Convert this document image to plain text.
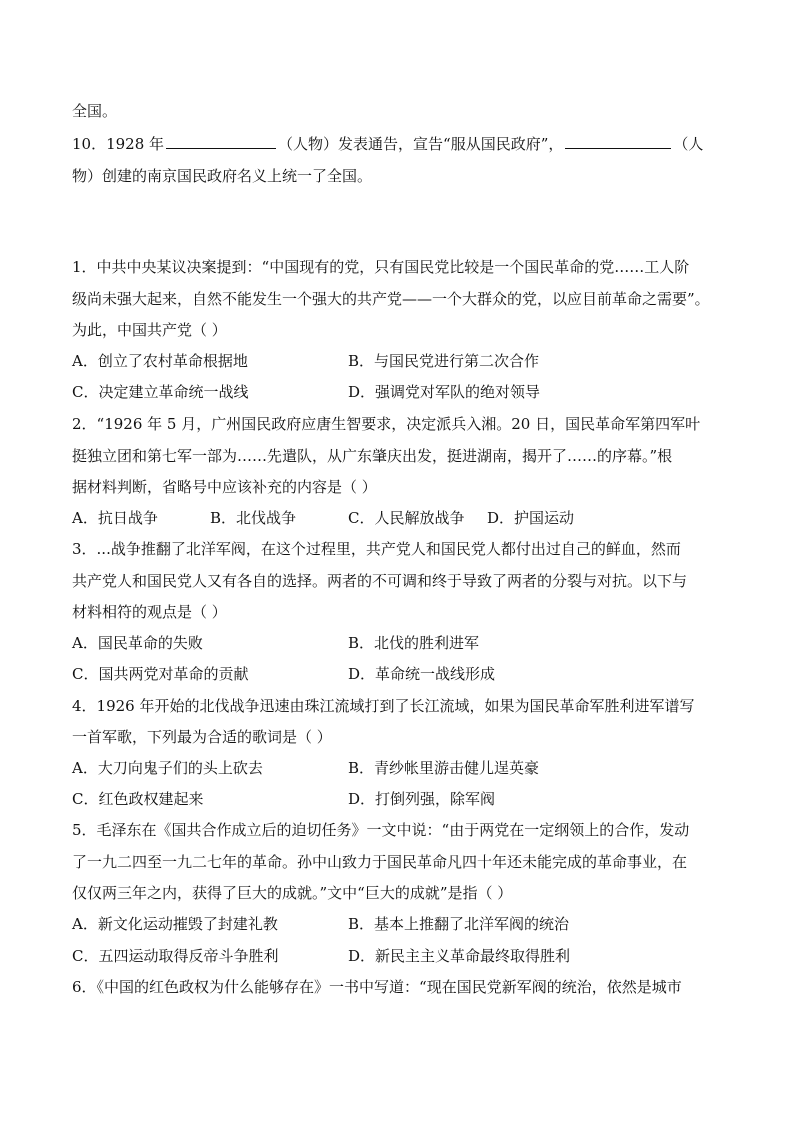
全国。
10．1928 年	（人物）发表通告，宣告“服从国民政府”，	（人
物）创建的南京国民政府名义上统一了全国。
1．中共中央某议决案提到：“中国现有的党，只有国民党比较是一个国民革命的党……工人阶
级尚未强大起来，自然不能发生一个强大的共产党——一个大群众的党，以应目前革命之需要”。
为此，中国共产党（ ）
A．创立了农村革命根据地	B．与国民党进行第二次合作
C．决定建立革命统一战线	D．强调党对军队的绝对领导
2．“1926 年 5 月，广州国民政府应唐生智要求，决定派兵入湘。20 日，国民革命军第四军叶
挺独立团和第七军一部为……先遣队，从广东肇庆出发，挺进湖南，揭开了……的序幕。”根
据材料判断，省略号中应该补充的内容是（ ）
A．抗日战争	B．北伐战争	C．人民解放战争 D．护国运动
3．...战争推翻了北洋军阀，在这个过程里，共产党人和国民党人都付出过自己的鲜血，然而
共产党人和国民党人又有各自的选择。两者的不可调和终于导致了两者的分裂与对抗。以下与
材料相符的观点是（ ）
A．国民革命的失败	B．北伐的胜利进军
C．国共两党对革命的贡献	D．革命统一战线形成
4．1926 年开始的北伐战争迅速由珠江流域打到了长江流域，如果为国民革命军胜利进军谱写
一首军歌，下列最为合适的歌词是（ ）
A．大刀向鬼子们的头上砍去	B．青纱帐里游击健儿逞英豪
C．红色政权建起来	D．打倒列强，除军阀
5．毛泽东在《国共合作成立后的迫切任务》一文中说：“由于两党在一定纲领上的合作，发动
了一九二四至一九二七年的革命。孙中山致力于国民革命凡四十年还未能完成的革命事业，在
仅仅两三年之内，获得了巨大的成就。”文中“巨大的成就”是指（ ）
A．新文化运动摧毁了封建礼教	B．基本上推翻了北洋军阀的统治
C．五四运动取得反帝斗争胜利	D．新民主主义革命最终取得胜利
6．《中国的红色政权为什么能够存在》一书中写道：“现在国民党新军阀的统治，依然是城市
